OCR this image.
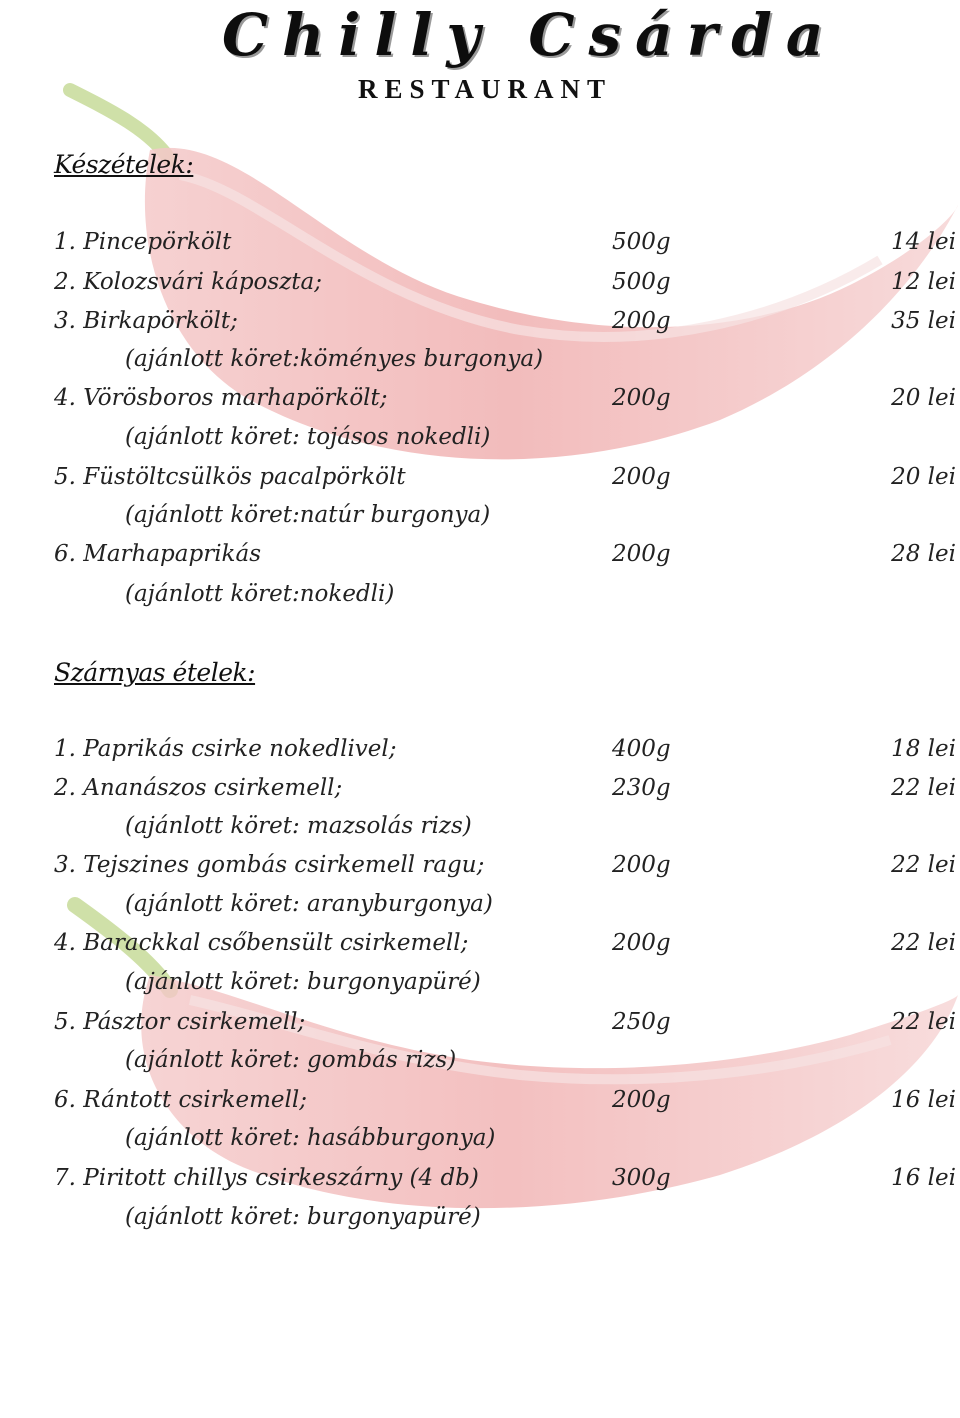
Chilly Csárda
RESTAURANT
Készételek:
1. Pincepörkölt	500g	14 lei
2. Kolozsvári káposzta;	500g	12 lei
3. Birkapörkölt;	200g	35 lei
(ajánlott köret:köményes burgonya)
4. Vörösboros marhapörkölt;	200g	20 lei
(ajánlott köret: tojásos nokedli)
5. Füstöltcsülkös pacalpörkölt	200g	20 lei
(ajánlott köret:natúr burgonya)
6. Marhapaprikás	200g	28 lei
(ajánlott köret:nokedli)
Szárnyas ételek:
1. Paprikás csirke nokedlivel;	400g	18 lei
2. Ananászos csirkemell;	230g	22 lei
(ajánlott köret: mazsolás rizs)
3. Tejszines gombás csirkemell ragu;	200g	22 lei
(ajánlott köret: aranyburgonya)
4. Barackkal csőbensült csirkemell;	200g	22 lei
(ajánlott köret: burgonyapüré)
5. Pásztor csirkemell;	250g	22 lei
(ajánlott köret: gombás rizs)
6. Rántott csirkemell;	200g	16 lei
(ajánlott köret: hasábburgonya)
7. Piritott chillys csirkeszárny (4 db)	300g	16 lei
(ajánlott köret: burgonyapüré)
